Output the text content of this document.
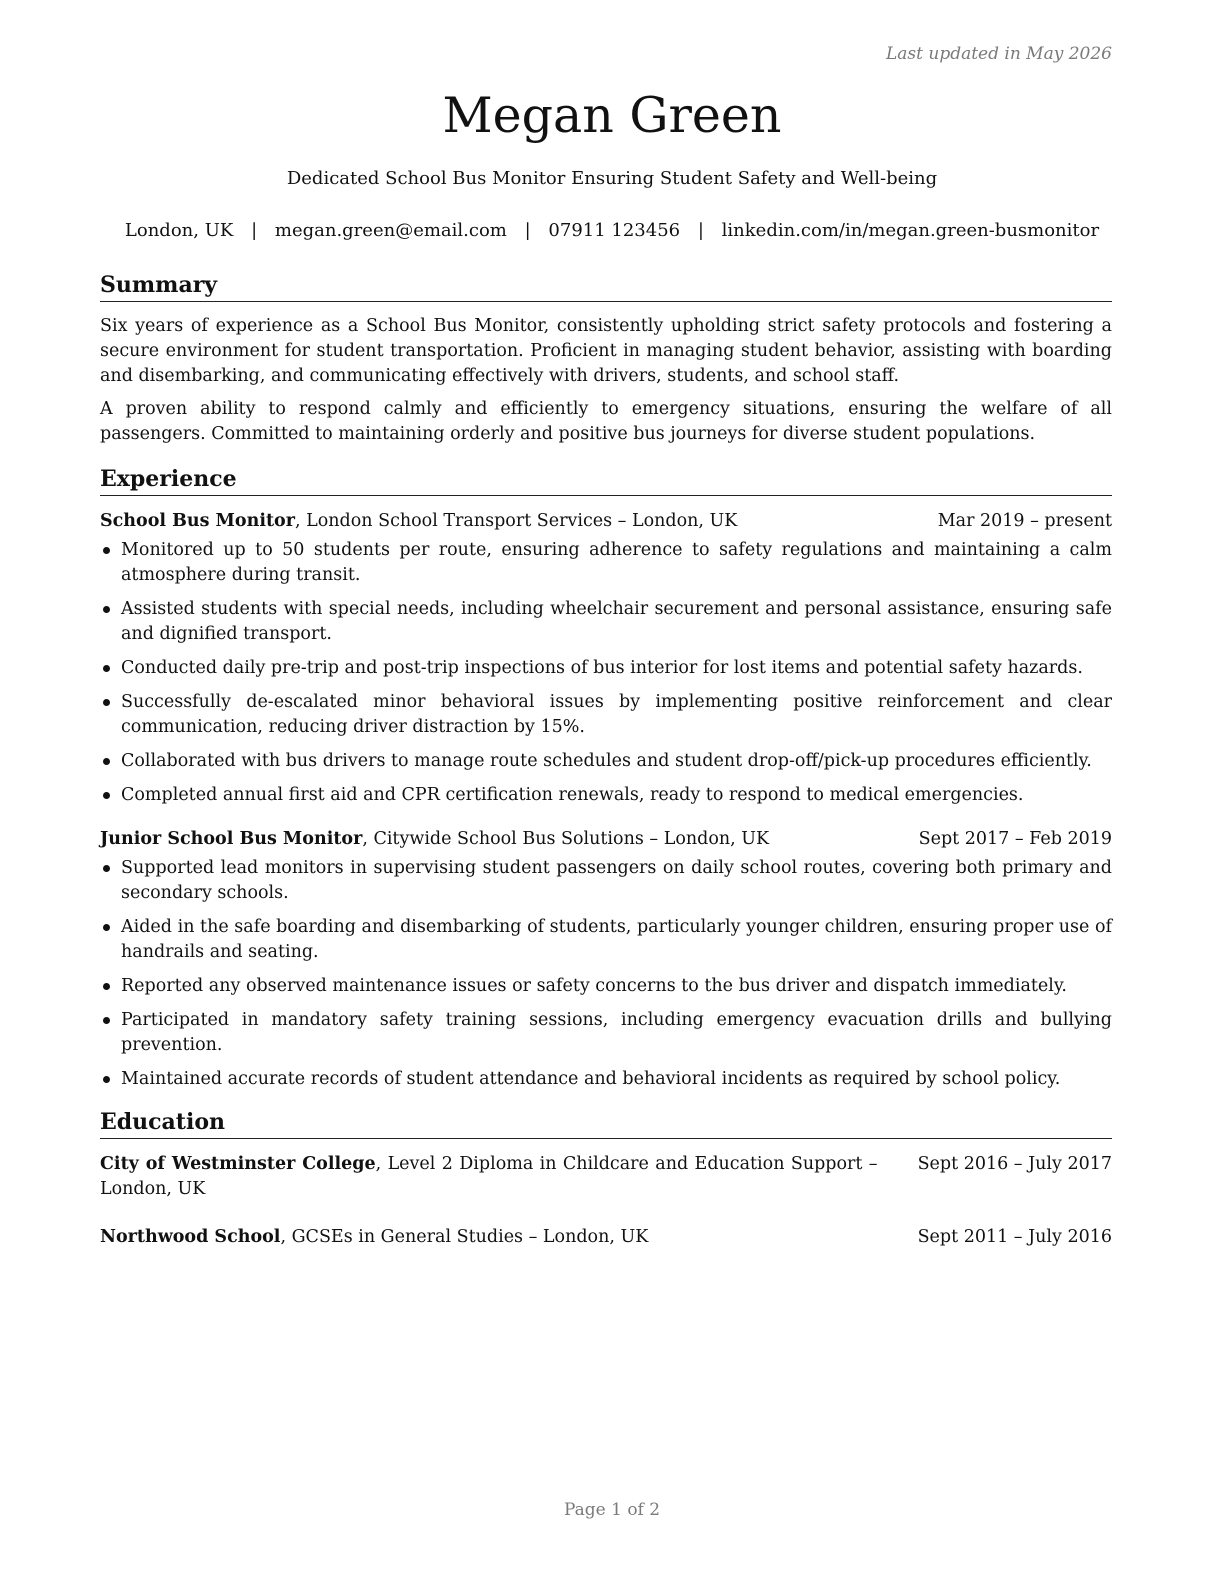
Last updated in May 2026
Megan Green
Dedicated School Bus Monitor Ensuring Student Safety and Well-being
London, UK | megan.green@email.com | 07911 123456 | linkedin.com/in/megan.green-busmonitor
Summary

Six years of experience as a School Bus Monitor, consistently upholding strict safety protocols and fostering a secure environment for student transportation. Proficient in managing student behavior, assisting with boarding and disembarking, and communicating effectively with drivers, students, and school staff.

A proven ability to respond calmly and efficiently to emergency situations, ensuring the welfare of all passengers. Committed to maintaining orderly and positive bus journeys for diverse student populations.

Experience
School Bus Monitor, London School Transport Services – London, UK	Mar 2019 – present
Monitored up to 50 students per route, ensuring adherence to safety regulations and maintaining a calm atmosphere during transit.
Assisted students with special needs, including wheelchair securement and personal assistance, ensuring safe and dignified transport.
Conducted daily pre-trip and post-trip inspections of bus interior for lost items and potential safety hazards.
Successfully de-escalated minor behavioral issues by implementing positive reinforcement and clear communication, reducing driver distraction by 15%.
Collaborated with bus drivers to manage route schedules and student drop-off/pick-up procedures efficiently.
Completed annual first aid and CPR certification renewals, ready to respond to medical emergencies.
Junior School Bus Monitor, Citywide School Bus Solutions – London, UK	Sept 2017 – Feb 2019
Supported lead monitors in supervising student passengers on daily school routes, covering both primary and secondary schools.
Aided in the safe boarding and disembarking of students, particularly younger children, ensuring proper use of handrails and seating.
Reported any observed maintenance issues or safety concerns to the bus driver and dispatch immediately.
Participated in mandatory safety training sessions, including emergency evacuation drills and bullying prevention.
Maintained accurate records of student attendance and behavioral incidents as required by school policy.
Education
City of Westminster College, Level 2 Diploma in Childcare and Education Support – London, UK
Sept 2016 – July 2017
Northwood School, GCSEs in General Studies – London, UK	Sept 2011 – July 2016
Page 1 of 2
